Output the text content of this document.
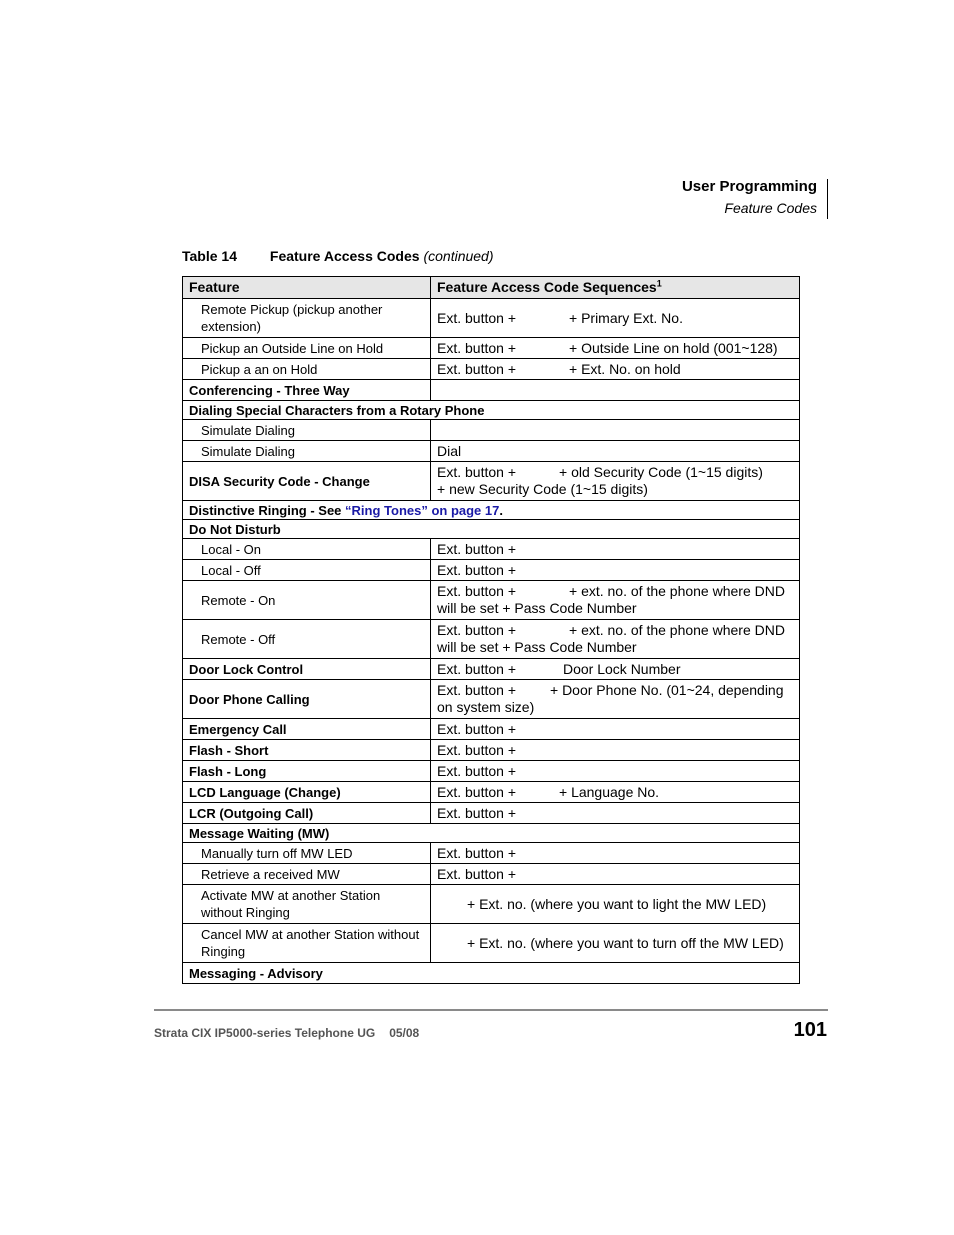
User Programming
Feature Codes
Table 14 Feature Access Codes (continued)
Feature	Feature Access Code Sequences$^1$
Remote Pickup (pickup another extension)	Ext. button + + Primary Ext. No.
Pickup an Outside Line on Hold	Ext. button + + Outside Line on hold (001~128)
Pickup a an on Hold	Ext. button + + Ext. No. on hold
Conferencing - Three Way	
Dialing Special Characters from a Rotary Phone	
Simulate Dialing	
Simulate Dialing	Dial
DISA Security Code - Change	Ext. button + + old Security Code (1~15 digits)
+ new Security Code (1~15 digits)
Distinctive Ringing - See “Ring Tones” on page 17.	
Do Not Disturb	
Local - On	Ext. button +
Local - Off	Ext. button +
Remote - On	Ext. button + + ext. no. of the phone where DND
will be set + Pass Code Number
Remote - Off	Ext. button + + ext. no. of the phone where DND
will be set + Pass Code Number
Door Lock Control	Ext. button + Door Lock Number
Door Phone Calling	Ext. button + + Door Phone No. (01~24, depending
on system size)
Emergency Call	Ext. button +
Flash - Short	Ext. button +
Flash - Long	Ext. button +
LCD Language (Change)	Ext. button + + Language No.
LCR (Outgoing Call)	Ext. button +
Message Waiting (MW)	
Manually turn off MW LED	Ext. button +
Retrieve a received MW	Ext. button +
Activate MW at another Station without Ringing	+ Ext. no. (where you want to light the MW LED)
Cancel MW at another Station without Ringing	+ Ext. no. (where you want to turn off the MW LED)
Messaging - Advisory	
Strata CIX IP5000-series Telephone UG 05/08	101
